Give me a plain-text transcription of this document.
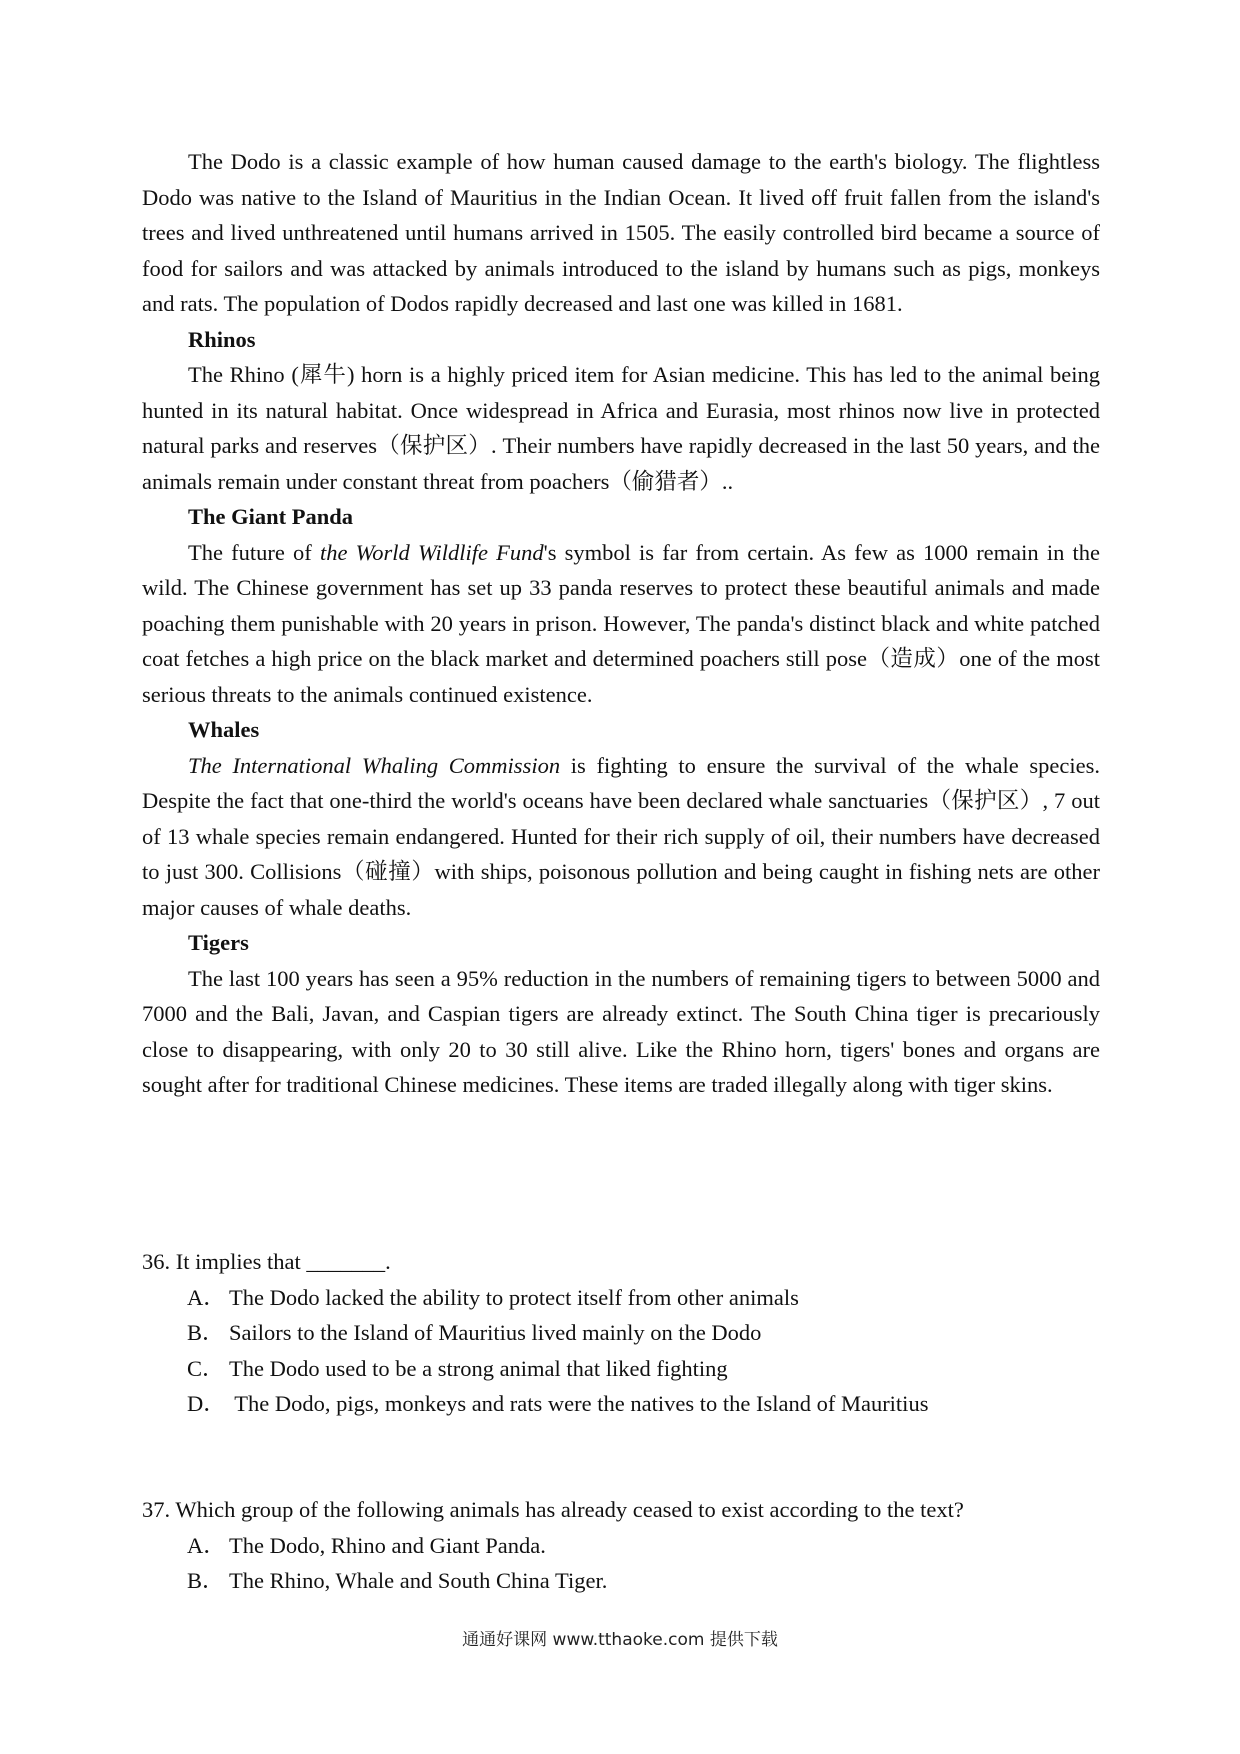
The Dodo is a classic example of how human caused damage to the earth's biology. The flightless Dodo was native to the Island of Mauritius in the Indian Ocean. It lived off fruit fallen from the island's trees and lived unthreatened until humans arrived in 1505. The easily controlled bird became a source of food for sailors and was attacked by animals introduced to the island by humans such as pigs, monkeys and rats. The population of Dodos rapidly decreased and last one was killed in 1681.

Rhinos

The Rhino (犀牛) horn is a highly priced item for Asian medicine. This has led to the animal being hunted in its natural habitat. Once widespread in Africa and Eurasia, most rhinos now live in protected natural parks and reserves（保护区）. Their numbers have rapidly decreased in the last 50 years, and the animals remain under constant threat from poachers（偷猎者）..

The Giant Panda

The future of the World Wildlife Fund's symbol is far from certain. As few as 1000 remain in the wild. The Chinese government has set up 33 panda reserves to protect these beautiful animals and made poaching them punishable with 20 years in prison. However, The panda's distinct black and white patched coat fetches a high price on the black market and determined poachers still pose（造成）one of the most serious threats to the animals continued existence.

Whales

The International Whaling Commission is fighting to ensure the survival of the whale species. Despite the fact that one-third the world's oceans have been declared whale sanctuaries（保护区）, 7 out of 13 whale species remain endangered. Hunted for their rich supply of oil, their numbers have decreased to just 300. Collisions（碰撞）with ships, poisonous pollution and being caught in fishing nets are other major causes of whale deaths.

Tigers

The last 100 years has seen a 95% reduction in the numbers of remaining tigers to between 5000 and 7000 and the Bali, Javan, and Caspian tigers are already extinct. The South China tiger is precariously close to disappearing, with only 20 to 30 still alive. Like the Rhino horn, tigers' bones and organs are sought after for traditional Chinese medicines. These items are traded illegally along with tiger skins.

36. It implies that _______.

A． The Dodo lacked the ability to protect itself from other animals

B． Sailors to the Island of Mauritius lived mainly on the Dodo

C． The Dodo used to be a strong animal that liked fighting

D． The Dodo, pigs, monkeys and rats were the natives to the Island of Mauritius

37. Which group of the following animals has already ceased to exist according to the text?

A． The Dodo, Rhino and Giant Panda.

B． The Rhino, Whale and South China Tiger.

通通好课网 www.tthaoke.com 提供下载
